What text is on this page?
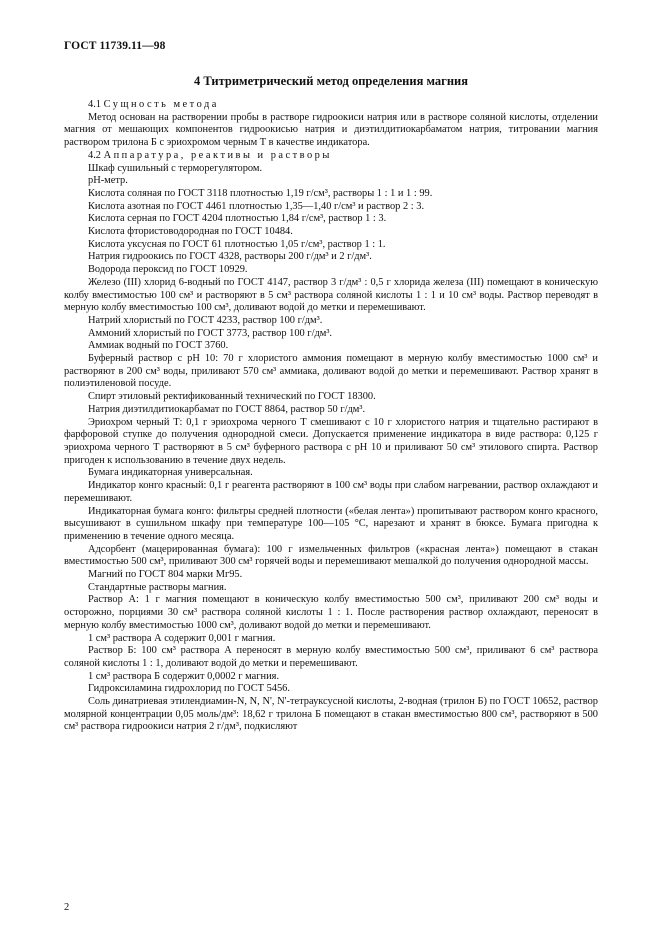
ГОСТ 11739.11—98
4 Титриметрический метод определения магния

4.1 Сущность метода

Метод основан на растворении пробы в растворе гидроокиси натрия или в растворе соляной кислоты, отделении магния от мешающих компонентов гидроокисью натрия и диэтилдитиокарбаматом натрия, титровании магния раствором трилона Б с эриохромом черным Т в качестве индикатора.

4.2 Аппаратура, реактивы и растворы

Шкаф сушильный с терморегулятором.

pH-метр.

Кислота соляная по ГОСТ 3118 плотностью 1,19 г/см³, растворы 1 : 1 и 1 : 99.

Кислота азотная по ГОСТ 4461 плотностью 1,35—1,40 г/см³ и раствор 2 : 3.

Кислота серная по ГОСТ 4204 плотностью 1,84 г/см³, раствор 1 : 3.

Кислота фтористоводородная по ГОСТ 10484.

Кислота уксусная по ГОСТ 61 плотностью 1,05 г/см³, раствор 1 : 1.

Натрия гидроокись по ГОСТ 4328, растворы 200 г/дм³ и 2 г/дм³.

Водорода пероксид по ГОСТ 10929.

Железо (III) хлорид 6-водный по ГОСТ 4147, раствор 3 г/дм³ : 0,5 г хлорида железа (III) помещают в коническую колбу вместимостью 100 см³ и растворяют в 5 см³ раствора соляной кислоты 1 : 1 и 10 см³ воды. Раствор переводят в мерную колбу вместимостью 100 см³, доливают водой до метки и перемешивают.

Натрий хлористый по ГОСТ 4233, раствор 100 г/дм³.

Аммоний хлористый по ГОСТ 3773, раствор 100 г/дм³.

Аммиак водный по ГОСТ 3760.

Буферный раствор с pH 10: 70 г хлористого аммония помещают в мерную колбу вместимостью 1000 см³ и растворяют в 200 см³ воды, приливают 570 см³ аммиака, доливают водой до метки и перемешивают. Раствор хранят в полиэтиленовой посуде.

Спирт этиловый ректификованный технический по ГОСТ 18300.

Натрия диэтилдитиокарбамат по ГОСТ 8864, раствор 50 г/дм³.

Эриохром черный Т: 0,1 г эриохрома черного Т смешивают с 10 г хлористого натрия и тщательно растирают в фарфоровой ступке до получения однородной смеси. Допускается применение индикатора в виде раствора: 0,125 г эриохрома черного Т растворяют в 5 см³ буферного раствора с pH 10 и приливают 50 см³ этилового спирта. Раствор пригоден к использованию в течение двух недель.

Бумага индикаторная универсальная.

Индикатор конго красный: 0,1 г реагента растворяют в 100 см³ воды при слабом нагревании, раствор охлаждают и перемешивают.

Индикаторная бумага конго: фильтры средней плотности («белая лента») пропитывают раствором конго красного, высушивают в сушильном шкафу при температуре 100—105 °С, нарезают и хранят в бюксе. Бумага пригодна к применению в течение одного месяца.

Адсорбент (мацерированная бумага): 100 г измельченных фильтров («красная лента») помещают в стакан вместимостью 500 см³, приливают 300 см³ горячей воды и перемешивают мешалкой до получения однородной массы.

Магний по ГОСТ 804 марки Мг95.

Стандартные растворы магния.

Раствор А: 1 г магния помещают в коническую колбу вместимостью 500 см³, приливают 200 см³ воды и осторожно, порциями 30 см³ раствора соляной кислоты 1 : 1. После растворения раствор охлаждают, переносят в мерную колбу вместимостью 1000 см³, доливают водой до метки и перемешивают.

1 см³ раствора А содержит 0,001 г магния.

Раствор Б: 100 см³ раствора А переносят в мерную колбу вместимостью 500 см³, приливают 6 см³ раствора соляной кислоты 1 : 1, доливают водой до метки и перемешивают.

1 см³ раствора Б содержит 0,0002 г магния.

Гидроксиламина гидрохлорид по ГОСТ 5456.

Соль динатриевая этилендиамин-N, N, N', N'-тетрауксусной кислоты, 2-водная (трилон Б) по ГОСТ 10652, раствор молярной концентрации 0,05 моль/дм³: 18,62 г трилона Б помещают в стакан вместимостью 800 см³, растворяют в 500 см³ раствора гидроокиси натрия 2 г/дм³, подкисляют

2
